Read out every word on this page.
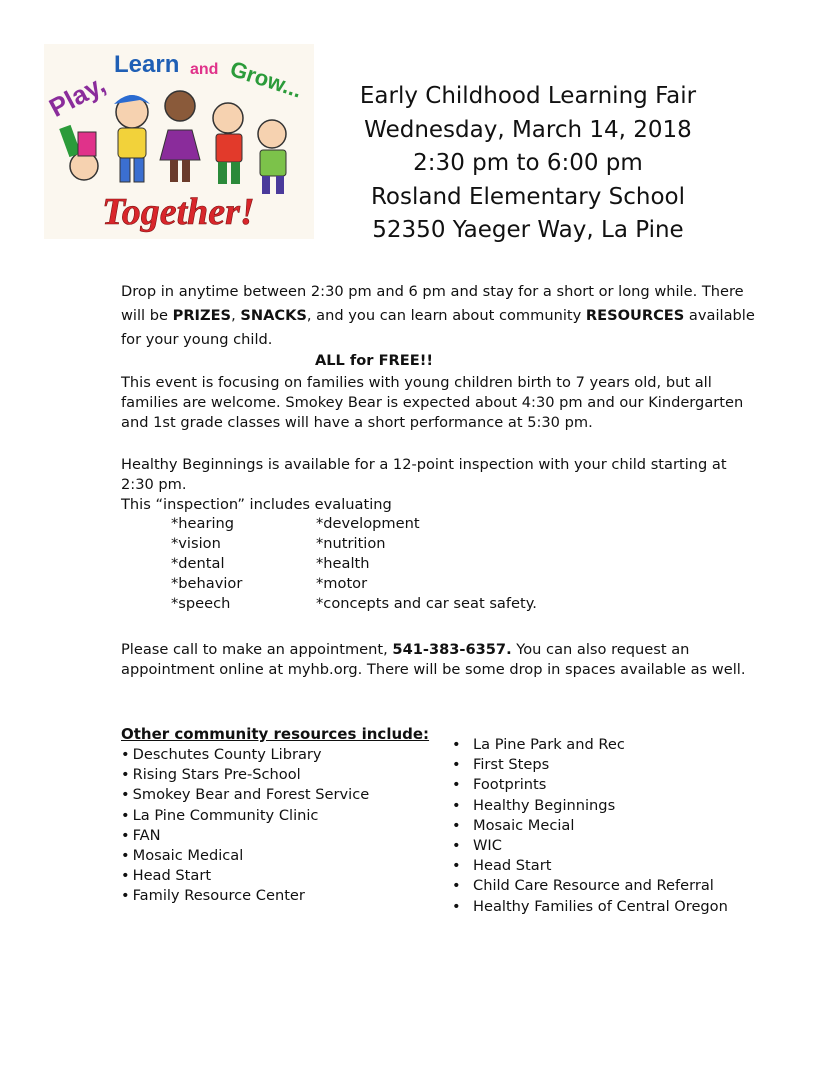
Play,
Learn and Grow...
Together!
Early Childhood Learning Fair
Wednesday, March 14, 2018
2:30 pm to 6:00 pm
Rosland Elementary School
52350 Yaeger Way, La Pine
Drop in anytime between 2:30 pm and 6 pm and stay for a short or long while. There will be PRIZES, SNACKS, and you can learn about community RESOURCES available for your young child.
ALL for FREE!!
This event is focusing on families with young children birth to 7 years old, but all families are welcome. Smokey Bear is expected about 4:30 pm and our Kindergarten and 1st grade classes will have a short performance at 5:30 pm.
Healthy Beginnings is available for a 12-point inspection with your child starting at 2:30 pm.
This “inspection” includes evaluating
*hearing	*development
*vision	*nutrition
*dental	*health
*behavior	*motor
*speech	*concepts and car seat safety.
Please call to make an appointment, 541-383-6357. You can also request an appointment online at myhb.org. There will be some drop in spaces available as well.
Other community resources include:
• Deschutes County Library
• Rising Stars Pre-School
• Smokey Bear and Forest Service
• La Pine Community Clinic
• FAN
• Mosaic Medical
• Head Start
• Family Resource Center
• La Pine Park and Rec
• First Steps
• Footprints
• Healthy Beginnings
• Mosaic Mecial
• WIC
• Head Start
• Child Care Resource and Referral
• Healthy Families of Central Oregon
